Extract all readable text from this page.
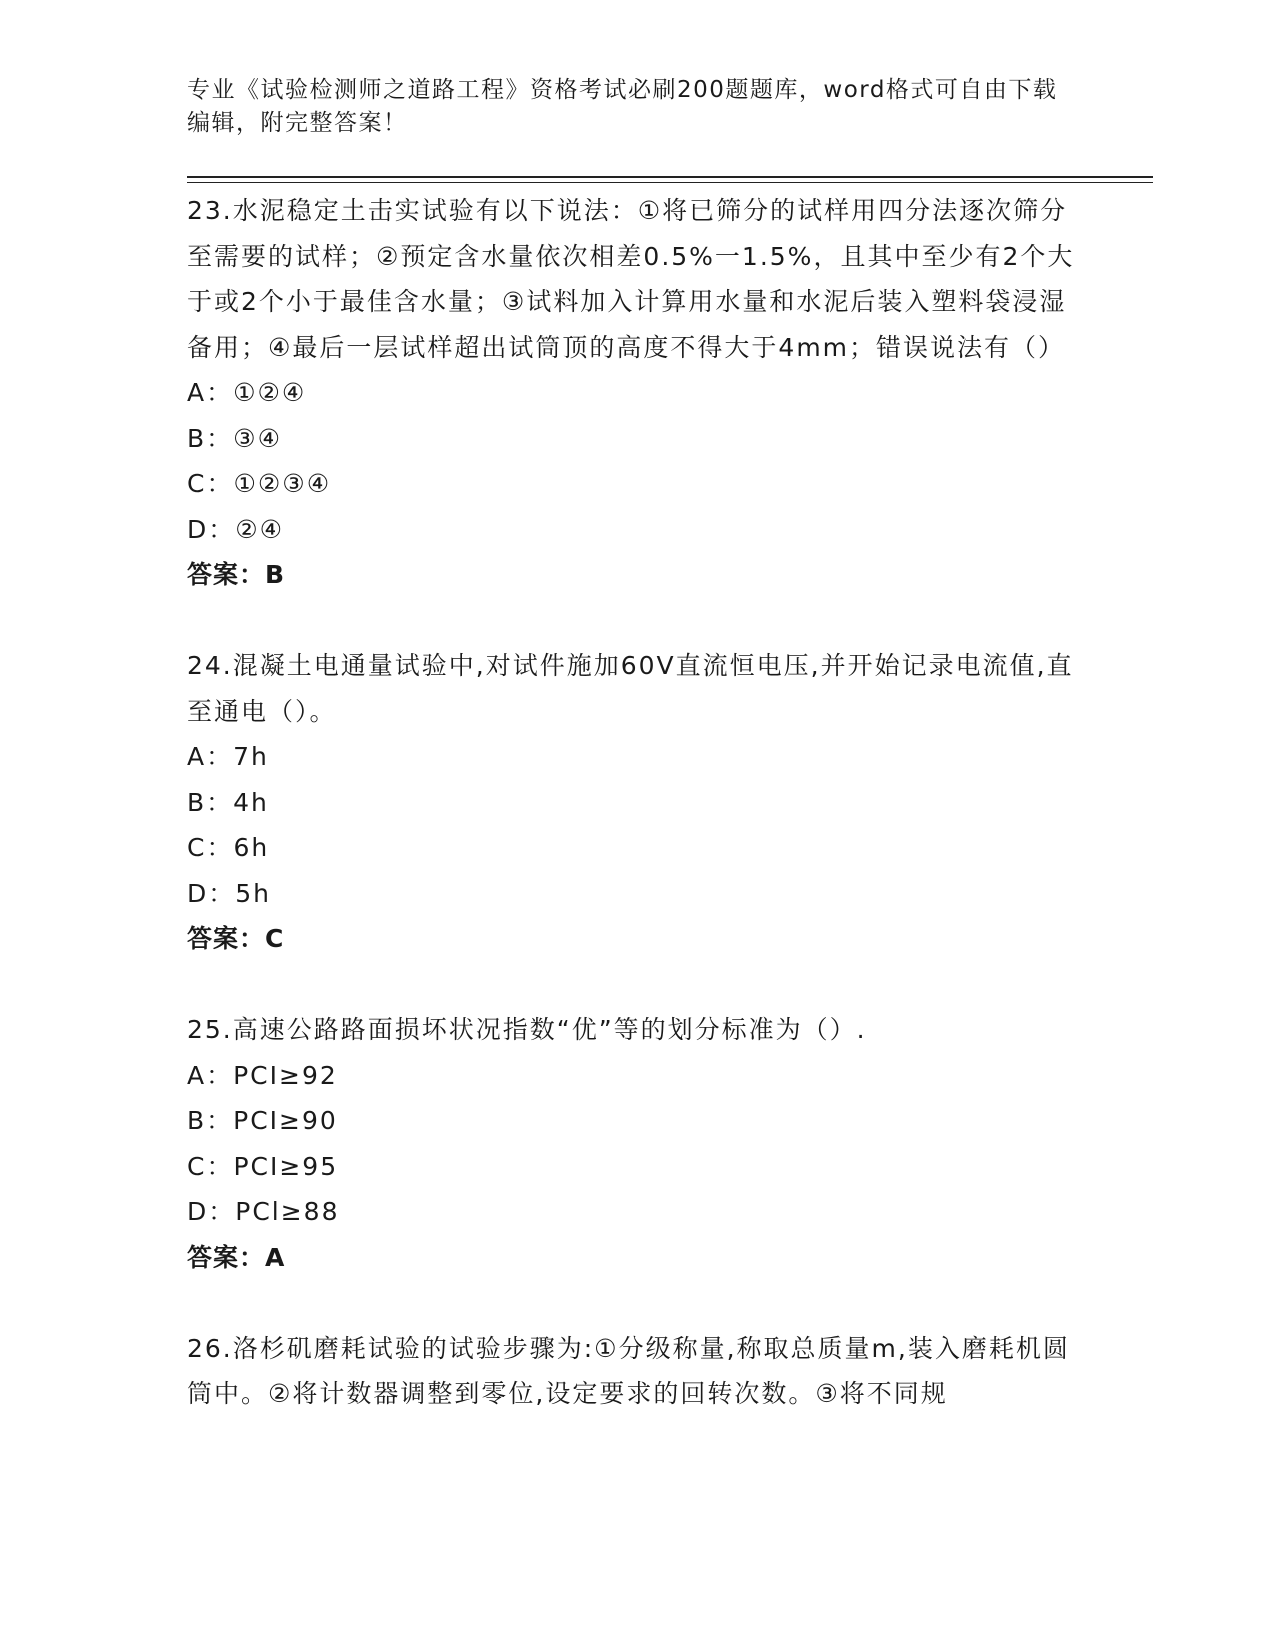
专业《试验检测师之道路工程》资格考试必刷200题题库，word格式可自由下载编辑，附完整答案！

23.水泥稳定土击实试验有以下说法：①将已筛分的试样用四分法逐次筛分至需要的试样；②预定含水量依次相差0.5%一1.5%，且其中至少有2个大于或2个小于最佳含水量；③试料加入计算用水量和水泥后装入塑料袋浸湿备用；④最后一层试样超出试筒顶的高度不得大于4mm；错误说法有（）

A：①②④

B：③④

C：①②③④

D：②④

答案：B

24.混凝土电通量试验中,对试件施加60V直流恒电压,并开始记录电流值,直至通电（）。

A：7h

B：4h

C：6h

D：5h

答案：C

25.高速公路路面损坏状况指数“优”等的划分标准为（）.

A：PCI≥92

B：PCI≥90

C：PCI≥95

D：PCl≥88

答案：A

26.洛杉矶磨耗试验的试验步骤为:①分级称量,称取总质量m,装入磨耗机圆筒中。②将计数器调整到零位,设定要求的回转次数。③将不同规
